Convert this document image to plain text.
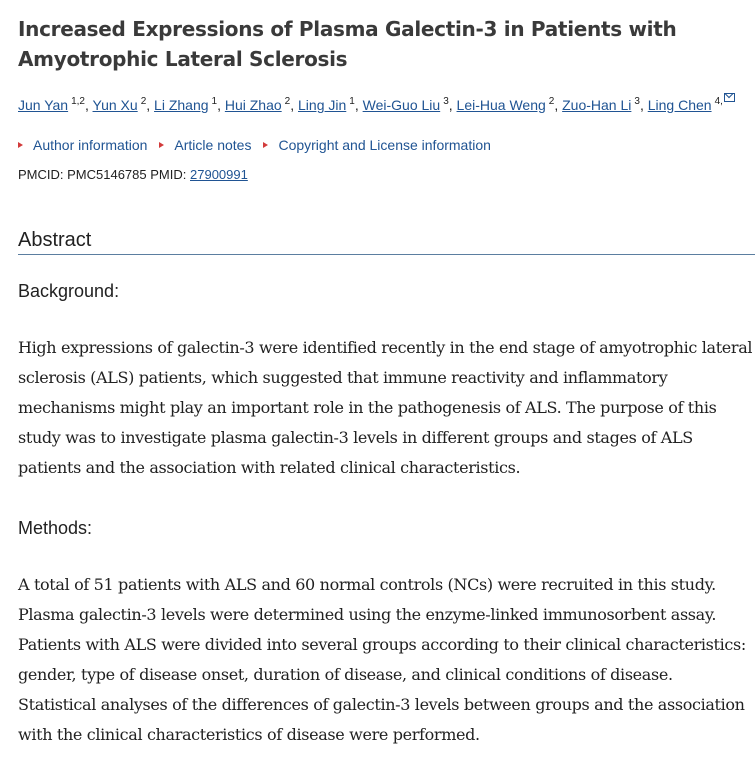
Increased Expressions of Plasma Galectin-3 in Patients with Amyotrophic Lateral Sclerosis
Jun Yan $^{1,2}$, Yun Xu $^2$, Li Zhang $^1$, Hui Zhao $^2$, Ling Jin $^1$, Wei-Guo Liu $^3$, Lei-Hua Weng $^2$, Zuo-Han Li $^3$, Ling Chen $^{4,}$
Author information Article notes Copyright and License information
PMCID: PMC5146785 PMID: 27900991
Abstract
Background:
High expressions of galectin-3 were identified recently in the end stage of amyotrophic lateral sclerosis (ALS) patients, which suggested that immune reactivity and inflammatory mechanisms might play an important role in the pathogenesis of ALS. The purpose of this study was to investigate plasma galectin-3 levels in different groups and stages of ALS patients and the association with related clinical characteristics.
Methods:
A total of 51 patients with ALS and 60 normal controls (NCs) were recruited in this study. Plasma galectin-3 levels were determined using the enzyme-linked immunosorbent assay. Patients with ALS were divided into several groups according to their clinical characteristics: gender, type of disease onset, duration of disease, and clinical conditions of disease. Statistical analyses of the differences of galectin-3 levels between groups and the association with the clinical characteristics of disease were performed.
